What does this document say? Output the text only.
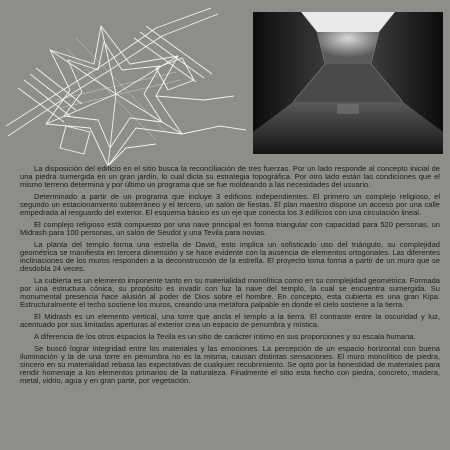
La disposición del edificio en el sitio busca la reconciliación de tres fuerzas. Por un lado responde al concepto inicial de una piedra sumergida en un gran jardín, lo cual dicta su estrategia topográfica. Por otro lado están las condiciones que el mismo terreno determina y por último un programa que se fue moldeando a las necesidades del usuario.

Determinado a partir de un programa que incluye 3 edificios independientes. El primero un complejo religioso, el segundo un estacionamiento subterráneo y el tercero, un salón de fiestas. El plan maestro dispone un acceso por una calle empedrada al resguardo del exterior. El esquema básico es un eje que conecta los 3 edificios con una circulación lineal.

El complejo religioso está compuesto por una nave principal en forma triangular con capacidad para 520 personas, un Midrash para 100 personas, un salón de Seudot y una Tevila para novias.

La planta del templo forma una estrella de David, esto implica un sofisticado uso del triángulo, su complejidad geométrica se manifiesta en tercera dimensión y se hace evidente con la ausencia de elementos ortogonales. Las diferentes inclinaciones de los muros responden a la deconstrucción de la estrella. El proyecto toma forma a partir de un muro que se desdobla 24 veces.

La cubierta es un elemento imponente tanto en su materialidad monolítica como en su complejidad geométrica. Formada por una estructura cónica, su propósito es invadir con luz la nave del templo, la cual se encuentra sumergida. Su monumental presencia hace alusión al poder de Dios sobre el hombre. En concepto, esta cubierta es una gran Kipa. Estructuralmente el techo sostiene los muros, creando una metáfora palpable en donde el cielo sostiene a la tierra.

El Midrash es un elemento vertical, una torre que ancla el templo a la tierra. El contraste entre la oscuridad y luz, acentuado por sus limitadas aperturas al exterior crea un espacio de penumbra y mística.

A diferencia de los otros espacios la Tevila es un sitio de carácter íntimo en sus proporciones y su escala humana.

Se buscó lograr integridad entre los materiales y las emociones. La percepción de un espacio horizontal con buena iluminación y la de una torre en penumbra no es la misma, causan distintas sensaciones. El muro monolítico de piedra, sincero en su materialidad rebasa las expectativas de cualquier recubrimiento. Se optó por la honestidad de materiales para rendir homenaje a los elementos primarios de la naturaleza. Finalmente el sitio esta hecho con piedra, concreto, madera, metal, vidrio, agua y en gran parte, por vegetación.
